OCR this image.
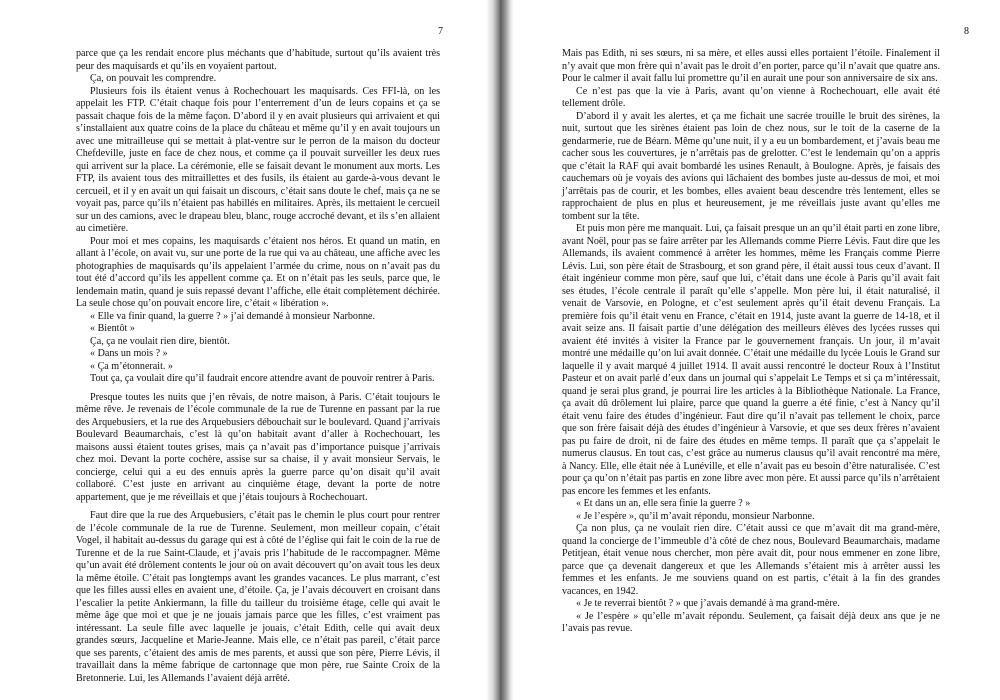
7

parce que ça les rendait encore plus méchants que d’habitude, surtout qu’ils avaient très peur des maquisards et qu’ils en voyaient partout.

Ça, on pouvait les comprendre.

Plusieurs fois ils étaient venus à Rochechouart les maquisards. Ces FFI-là, on les appelait les FTP. C’était chaque fois pour l’enterrement d’un de leurs copains et ça se passait chaque fois de la même façon. D’abord il y en avait plusieurs qui arrivaient et qui s’installaient aux quatre coins de la place du château et même qu’il y en avait toujours un avec une mitrailleuse qui se mettait à plat-ventre sur le perron de la maison du docteur Chefdeville, juste en face de chez nous, et comme ça il pouvait surveiller les deux rues qui arrivent sur la place. La cérémonie, elle se faisait devant le monument aux morts. Les FTP, ils avaient tous des mitraillettes et des fusils, ils étaient au garde-à-vous devant le cercueil, et il y en avait un qui faisait un discours, c’était sans doute le chef, mais ça ne se voyait pas, parce qu’ils n’étaient pas habillés en militaires. Après, ils mettaient le cercueil sur un des camions, avec le drapeau bleu, blanc, rouge accroché devant, et ils s’en allaient au cimetière.

Pour moi et mes copains, les maquisards c’étaient nos héros. Et quand un matin, en allant à l’école, on avait vu, sur une porte de la rue qui va au château, une affiche avec les photographies de maquisards qu’ils appelaient l’armée du crime, nous on n’avait pas du tout été d’accord qu’ils les appellent comme ça. Et on n’était pas les seuls, parce que, le lendemain matin, quand je suis repassé devant l’affiche, elle était complètement déchirée. La seule chose qu’on pouvait encore lire, c’était « libération ».

« Elle va finir quand, la guerre ? » j’ai demandé à monsieur Narbonne.

« Bientôt »

Ça, ça ne voulait rien dire, bientôt.

« Dans un mois ? »

« Ça m’étonnerait. »

Tout ça, ça voulait dire qu’il faudrait encore attendre avant de pouvoir rentrer à Paris.

Presque toutes les nuits que j’en rêvais, de notre maison, à Paris. C’était toujours le même rêve. Je revenais de l’école communale de la rue de Turenne en passant par la rue des Arquebusiers, et la rue des Arquebusiers débouchait sur le boulevard. Quand j’arrivais Boulevard Beaumarchais, c’est là qu’on habitait avant d’aller à Rochechouart, les maisons aussi étaient toutes grises, mais ça n’avait pas d’importance puisque j’arrivais chez moi. Devant la porte cochère, assise sur sa chaise, il y avait monsieur Servais, le concierge, celui qui a eu des ennuis après la guerre parce qu’on disait qu’il avait collaboré. C’est juste en arrivant au cinquième étage, devant la porte de notre appartement, que je me réveillais et que j’étais toujours à Rochechouart.

Faut dire que la rue des Arquebusiers, c’était pas le chemin le plus court pour rentrer de l’école communale de la rue de Turenne. Seulement, mon meilleur copain, c’était Vogel, il habitait au-dessus du garage qui est à côté de l’église qui fait le coin de la rue de Turenne et de la rue Saint-Claude, et j’avais pris l’habitude de le raccompagner. Même qu’un avait été drôlement contents le jour où on avait découvert qu’on avait tous les deux la même étoile. C’était pas longtemps avant les grandes vacances. Le plus marrant, c’est que les filles aussi elles en avaient une, d’étoile. Ça, je l’avais découvert en croisant dans l’escalier la petite Ankiermann, la fille du tailleur du troisième étage, celle qui avait le même âge que moi et que je ne jouais jamais parce que les filles, c’est vraiment pas intéressant. La seule fille avec laquelle je jouais, c’était Edith, celle qui avait deux grandes sœurs, Jacqueline et Marie-Jeanne. Mais elle, ce n’était pas pareil, c’était parce que ses parents, c’étaient des amis de mes parents, et aussi que son père, Pierre Lévis, il travaillait dans la même fabrique de cartonnage que mon père, rue Sainte Croix de la Bretonnerie. Lui, les Allemands l’avaient déjà arrêté.

8

Mais pas Edith, ni ses sœurs, ni sa mère, et elles aussi elles portaient l’étoile. Finalement il n’y avait que mon frère qui n’avait pas le droit d’en porter, parce qu’il n’avait que quatre ans. Pour le calmer il avait fallu lui promettre qu’il en aurait une pour son anniversaire de six ans.

Ce n’est pas que la vie à Paris, avant qu’on vienne à Rochechouart, elle avait été tellement drôle.

D’abord il y avait les alertes, et ça me fichait une sacrée trouille le bruit des sirènes, la nuit, surtout que les sirènes étaient pas loin de chez nous, sur le toit de la caserne de la gendarmerie, rue de Béarn. Même qu’une nuit, il y a eu un bombardement, et j’avais beau me cacher sous les couvertures, je n’arrêtais pas de grelotter. C’est le lendemain qu’on a appris que c’était la RAF qui avait bombardé les usines Renault, à Boulogne. Après, je faisais des cauchemars où je voyais des avions qui lâchaient des bombes juste au-dessus de moi, et moi j’arrêtais pas de courir, et les bombes, elles avaient beau descendre très lentement, elles se rapprochaient de plus en plus et heureusement, je me réveillais juste avant qu’elles me tombent sur la tête.

Et puis mon père me manquait. Lui, ça faisait presque un an qu’il était parti en zone libre, avant Noël, pour pas se faire arrêter par les Allemands comme Pierre Lévis. Faut dire que les Allemands, ils avaient commencé à arrêter les hommes, même les Français comme Pierre Lévis. Lui, son père était de Strasbourg, et son grand père, il était aussi tous ceux d’avant. Il était ingénieur comme mon père, sauf que lui, c’était dans une école à Paris qu’il avait fait ses études, l’école centrale il paraît qu’elle s’appelle. Mon père lui, il était naturalisé, il venait de Varsovie, en Pologne, et c’est seulement après qu’il était devenu Français. La première fois qu’il était venu en France, c’était en 1914, juste avant la guerre de 14-18, et il avait seize ans. Il faisait partie d’une délégation des meilleurs élèves des lycées russes qui avaient été invités à visiter la France par le gouvernement français. Un jour, il m’avait montré une médaille qu’on lui avait donnée. C’était une médaille du lycée Louis le Grand sur laquelle il y avait marqué 4 juillet 1914. Il avait aussi rencontré le docteur Roux à l’Institut Pasteur et on avait parlé d’eux dans un journal qui s’appelait Le Temps et si ça m’intéressait, quand je serai plus grand, je pourrai lire les articles à la Bibliothèque Nationale. La France, ça avait dû drôlement lui plaire, parce que quand la guerre a été finie, c’est à Nancy qu’il était venu faire des études d’ingénieur. Faut dire qu’il n’avait pas tellement le choix, parce que son frère faisait déjà des études d’ingénieur à Varsovie, et que ses deux frères n’avaient pas pu faire de droit, ni de faire des études en même temps. Il paraît que ça s’appelait le numerus clausus. En tout cas, c’est grâce au numerus clausus qu’il avait rencontré ma mère, à Nancy. Elle, elle était née à Lunéville, et elle n’avait pas eu besoin d’être naturalisée. C’est pour ça qu’on n’était pas partis en zone libre avec mon père. Et aussi parce qu’ils n’arrêtaient pas encore les femmes et les enfants.

« Et dans un an, elle sera finie la guerre ? »

« Je l’espère », qu’il m’avait répondu, monsieur Narbonne.

Ça non plus, ça ne voulait rien dire. C’était aussi ce que m’avait dit ma grand-mère, quand la concierge de l’immeuble d’à côté de chez nous, Boulevard Beaumarchais, madame Petitjean, était venue nous chercher, mon père avait dit, pour nous emmener en zone libre, parce que ça devenait dangereux et que les Allemands s’étaient mis à arrêter aussi les femmes et les enfants. Je me souviens quand on est partis, c’était à la fin des grandes vacances, en 1942.

« Je te reverrai bientôt ? » que j’avais demandé à ma grand-mère.

« Je l’espère » qu’elle m’avait répondu. Seulement, ça faisait déjà deux ans que je ne l’avais pas revue.
